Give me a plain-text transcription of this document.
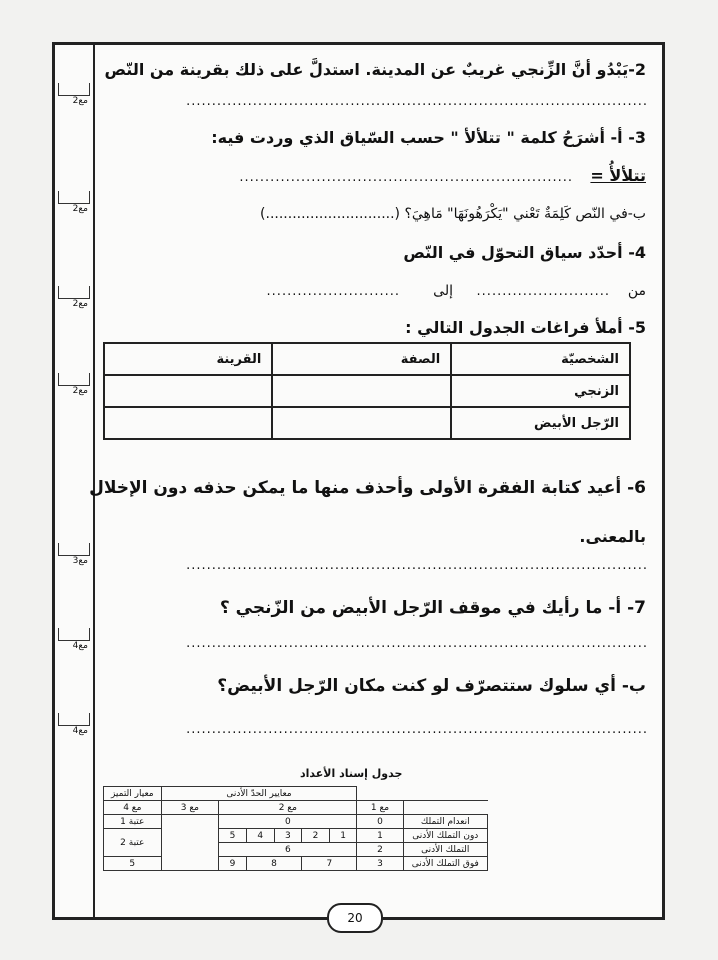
مع2
مع2
مع2
مع2
مع3
مع4
مع4
2-يَبْدُو أنَّ الزِّنجي غريبٌ عن المدينة. استدلَّ على ذلك بقرينة من النّص
..........................................................................................
3- أ- أشرَحُ كلمة " تتلألأ " حسب السّياق الذي وردت فيه:
تتلألأُ =
.................................................................
ب-في النّص كَلِمَةٌ تَعْني "يَكْرَهُونَهَا" مَاهِيَ؟ (.............................)
4- أحدّد سياق التحوّل في النّص
من
..........................
إلى
..........................
5- أملأ فراغات الجدول التالي :
الشخصيّة	الصفة	القرينة
الزنجي		
الرّجل الأبيض		
6- أعيد كتابة الفقرة الأولى وأحذف منها ما يمكن حذفه دون الإخلال
بالمعنى.
..........................................................................................
7- أ- ما رأيك في موقف الرّجل الأبيض من الزّنجي ؟
..........................................................................................
ب- أي سلوك ستتصرّف لو كنت مكان الرّجل الأبيض؟
..........................................................................................
جدول إسناد الأعداد
		معايير الحدّ الأدنى						معيار التميز
	مع 1	مع 2					مع 3	مع 4
انعدام التملك	0	0						عتبة 1
دون التملك الأدنى	1	1	2	3	4	5		عتبة 2
التملك الأدنى	2	6						
فوق التملك الأدنى	3	7		8		9		5
20
